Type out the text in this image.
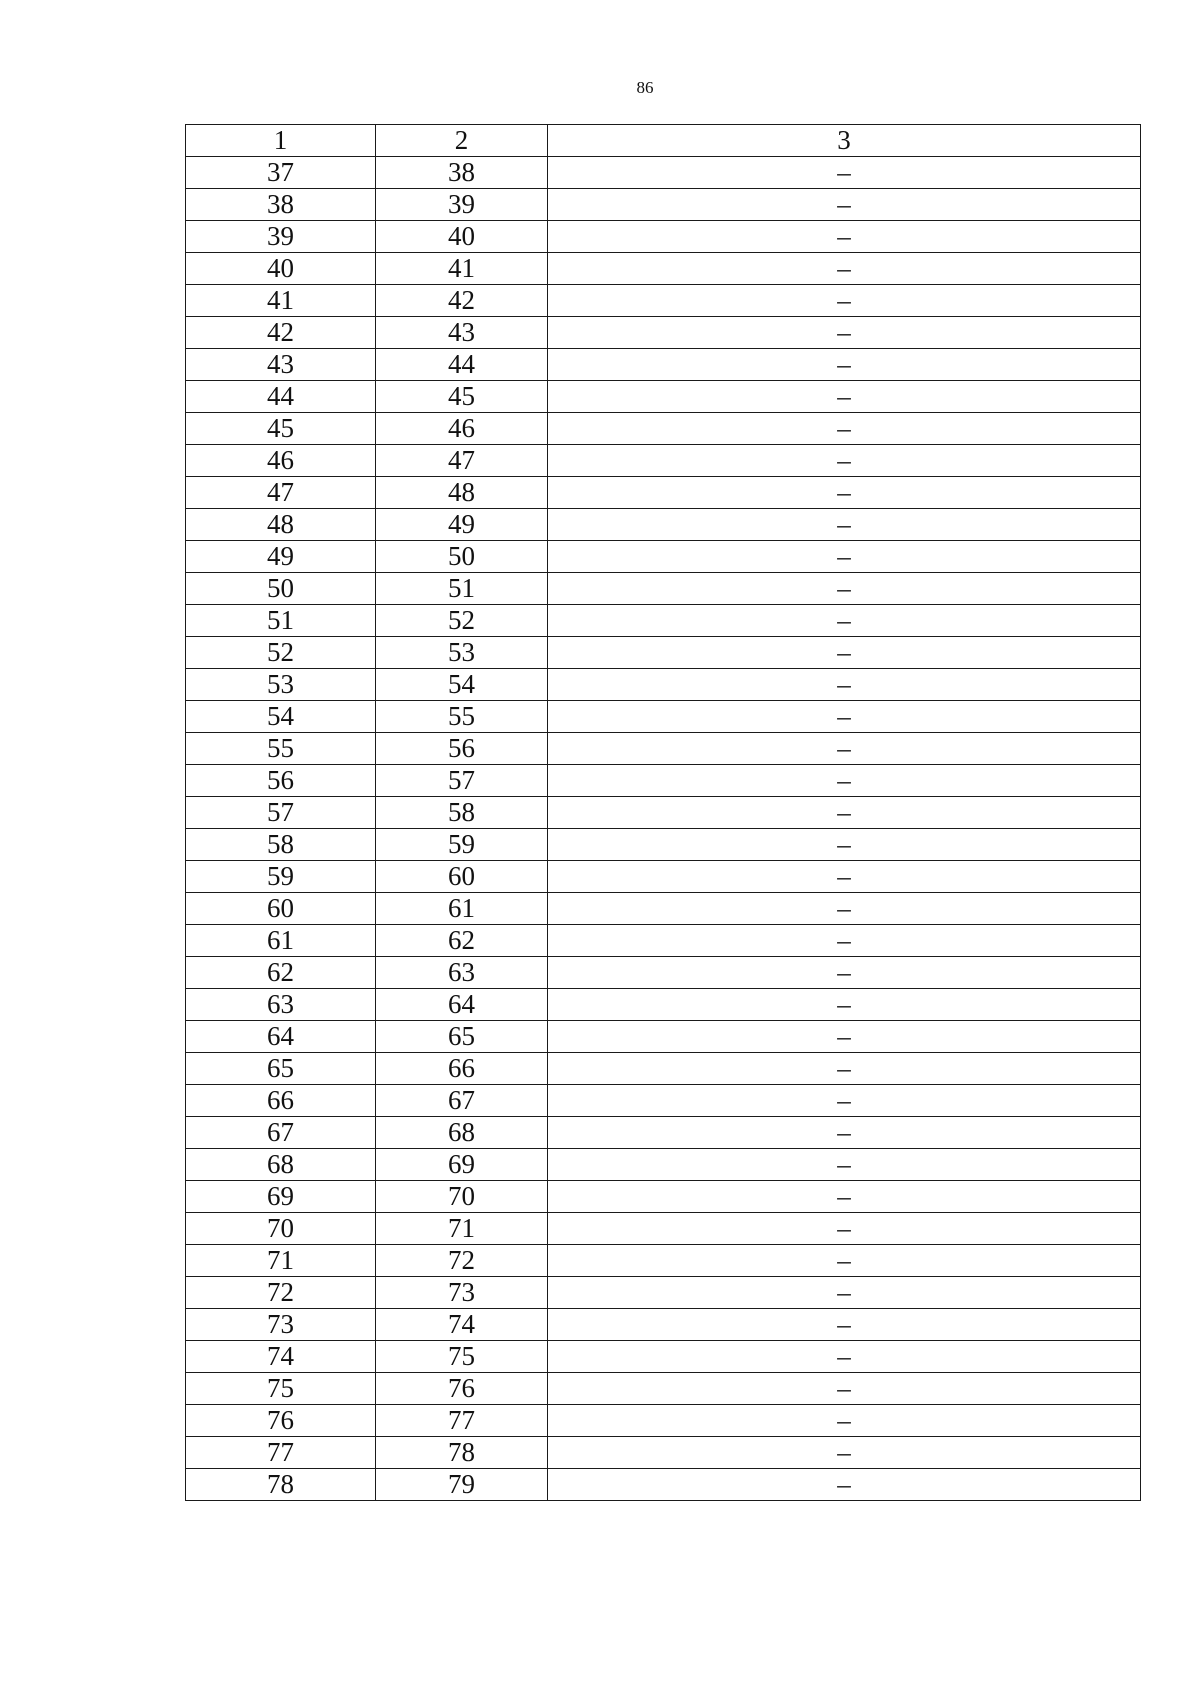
86
1	2	3
37	38	–
38	39	–
39	40	–
40	41	–
41	42	–
42	43	–
43	44	–
44	45	–
45	46	–
46	47	–
47	48	–
48	49	–
49	50	–
50	51	–
51	52	–
52	53	–
53	54	–
54	55	–
55	56	–
56	57	–
57	58	–
58	59	–
59	60	–
60	61	–
61	62	–
62	63	–
63	64	–
64	65	–
65	66	–
66	67	–
67	68	–
68	69	–
69	70	–
70	71	–
71	72	–
72	73	–
73	74	–
74	75	–
75	76	–
76	77	–
77	78	–
78	79	–
